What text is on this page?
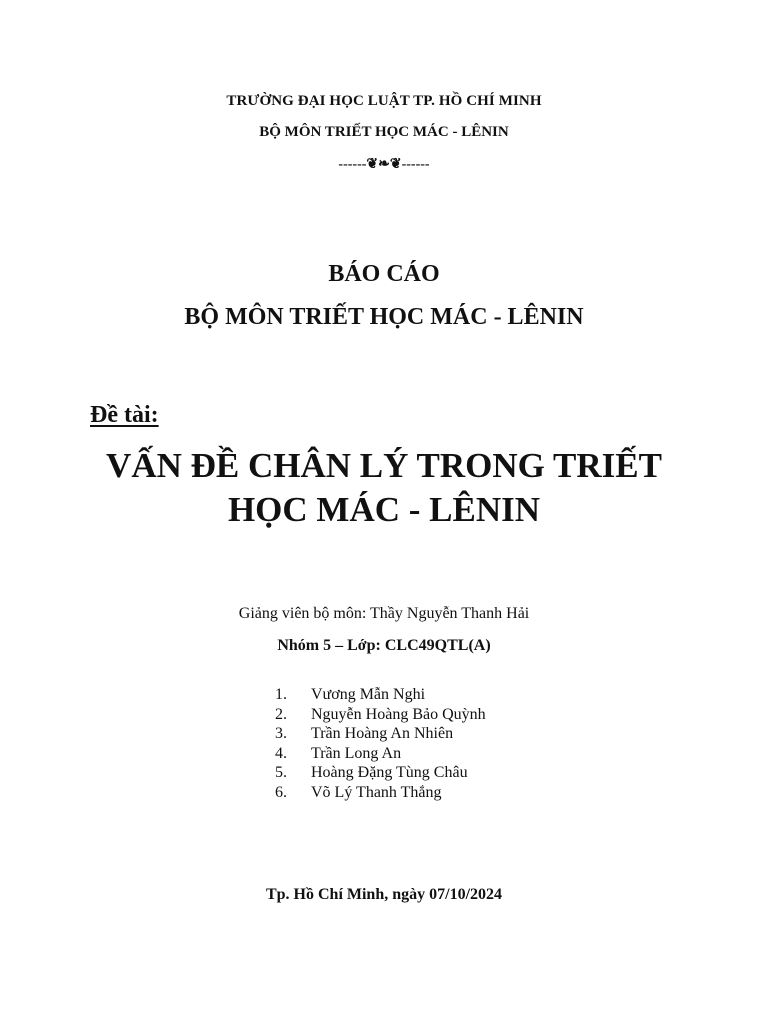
TRƯỜNG ĐẠI HỌC LUẬT TP. HỒ CHÍ MINH
BỘ MÔN TRIẾT HỌC MÁC - LÊNIN
------❦❧❦------
BÁO CÁO
BỘ MÔN TRIẾT HỌC MÁC - LÊNIN
Đề tài:
VẤN ĐỀ CHÂN LÝ TRONG TRIẾT
HỌC MÁC - LÊNIN
Giảng viên bộ môn: Thầy Nguyễn Thanh Hải
Nhóm 5 – Lớp: CLC49QTL(A)
1. Vương Mẫn Nghi
2. Nguyễn Hoàng Bảo Quỳnh
3. Trần Hoàng An Nhiên
4. Trần Long An
5. Hoàng Đặng Tùng Châu
6. Võ Lý Thanh Thắng
Tp. Hồ Chí Minh, ngày 07/10/2024
